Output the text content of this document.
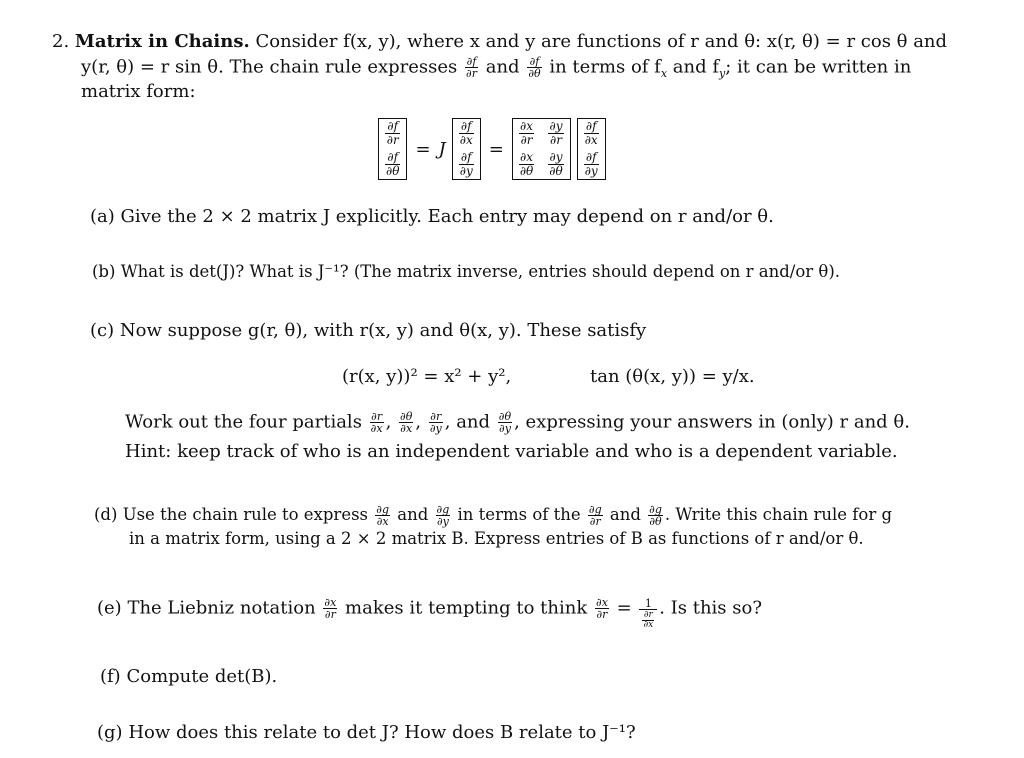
2. Matrix in Chains. Consider f(x, y), where x and y are functions of r and θ: x(r, θ) = r cos θ and
y(r, θ) = r sin θ. The chain rule expresses $\frac{\partial f}{\partial r}$ and $\frac{\partial f}{\partial\theta}$ in terms of $f_x$ and $f_y$; it can be written in
matrix form:
$\frac{\partial f}{\partial r}$
$\frac{\partial f}{\partial\theta}$
= J
$\frac{\partial f}{\partial x}$
$\frac{\partial f}{\partial y}$
=
$\frac{\partial x}{\partial r} \frac{\partial y}{\partial r}$
$\frac{\partial x}{\partial\theta} \frac{\partial y}{\partial\theta}$
$\frac{\partial f}{\partial x}$
$\frac{\partial f}{\partial y}$
(a) Give the 2 × 2 matrix J explicitly. Each entry may depend on r and/or θ.
(b) What is det(J)? What is J⁻¹? (The matrix inverse, entries should depend on r and/or θ).
(c) Now suppose g(r, θ), with r(x, y) and θ(x, y). These satisfy
(r(x, y))² = x² + y²,	tan (θ(x, y)) = y/x.
Work out the four partials $\frac{\partial r}{\partial x}$ , $\frac{\partial\theta}{\partial x}$ , $\frac{\partial r}{\partial y}$ , and $\frac{\partial\theta}{\partial y}$ , expressing your answers in (only) r and θ.
Hint: keep track of who is an independent variable and who is a dependent variable.
(d) Use the chain rule to express $\frac{\partial g}{\partial x}$ and $\frac{\partial g}{\partial y}$ in terms of the $\frac{\partial g}{\partial r}$ and $\frac{\partial g}{\partial\theta}$ . Write this chain rule for g
in a matrix form, using a 2 × 2 matrix B. Express entries of B as functions of r and/or θ.
(e) The Liebniz notation $\frac{\partial x}{\partial r}$ makes it tempting to think $\frac{\partial x}{\partial r} = \frac{1}{\frac{\partial r}{\partial x}}$ . Is this so?
(f) Compute det(B).
(g) How does this relate to det J? How does B relate to J⁻¹?
